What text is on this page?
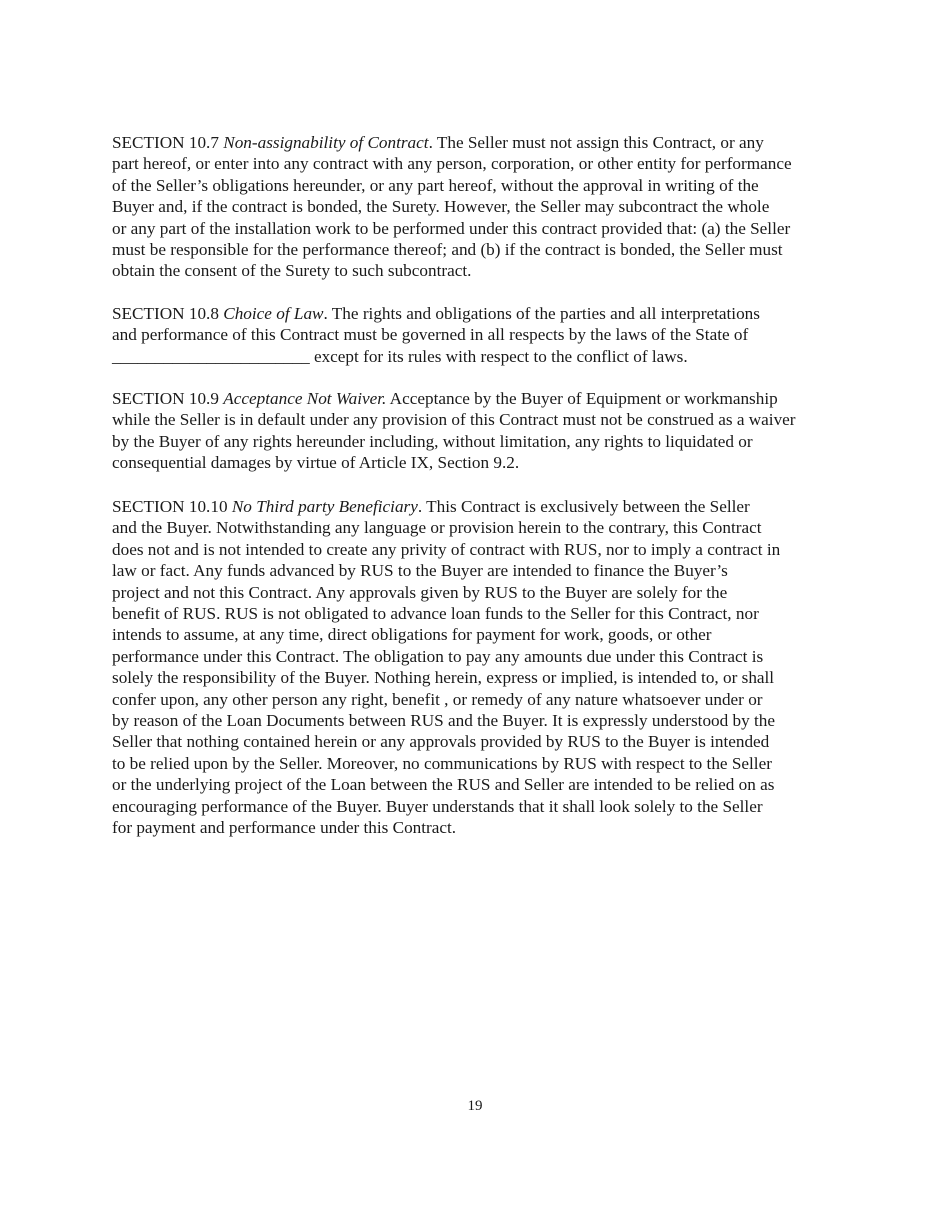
SECTION 10.7 Non-assignability of Contract. The Seller must not assign this Contract, or any
part hereof, or enter into any contract with any person, corporation, or other entity for performance
of the Seller’s obligations hereunder, or any part hereof, without the approval in writing of the
Buyer and, if the contract is bonded, the Surety. However, the Seller may subcontract the whole
or any part of the installation work to be performed under this contract provided that: (a) the Seller
must be responsible for the performance thereof; and (b) if the contract is bonded, the Seller must
obtain the consent of the Surety to such subcontract.
SECTION 10.8 Choice of Law. The rights and obligations of the parties and all interpretations
and performance of this Contract must be governed in all respects by the laws of the State of
_______________________ except for its rules with respect to the conflict of laws.
SECTION 10.9 Acceptance Not Waiver. Acceptance by the Buyer of Equipment or workmanship
while the Seller is in default under any provision of this Contract must not be construed as a waiver
by the Buyer of any rights hereunder including, without limitation, any rights to liquidated or
consequential damages by virtue of Article IX, Section 9.2.
SECTION 10.10 No Third party Beneficiary. This Contract is exclusively between the Seller
and the Buyer. Notwithstanding any language or provision herein to the contrary, this Contract
does not and is not intended to create any privity of contract with RUS, nor to imply a contract in
law or fact. Any funds advanced by RUS to the Buyer are intended to finance the Buyer’s
project and not this Contract. Any approvals given by RUS to the Buyer are solely for the
benefit of RUS. RUS is not obligated to advance loan funds to the Seller for this Contract, nor
intends to assume, at any time, direct obligations for payment for work, goods, or other
performance under this Contract. The obligation to pay any amounts due under this Contract is
solely the responsibility of the Buyer. Nothing herein, express or implied, is intended to, or shall
confer upon, any other person any right, benefit , or remedy of any nature whatsoever under or
by reason of the Loan Documents between RUS and the Buyer. It is expressly understood by the
Seller that nothing contained herein or any approvals provided by RUS to the Buyer is intended
to be relied upon by the Seller. Moreover, no communications by RUS with respect to the Seller
or the underlying project of the Loan between the RUS and Seller are intended to be relied on as
encouraging performance of the Buyer. Buyer understands that it shall look solely to the Seller
for payment and performance under this Contract.
19
